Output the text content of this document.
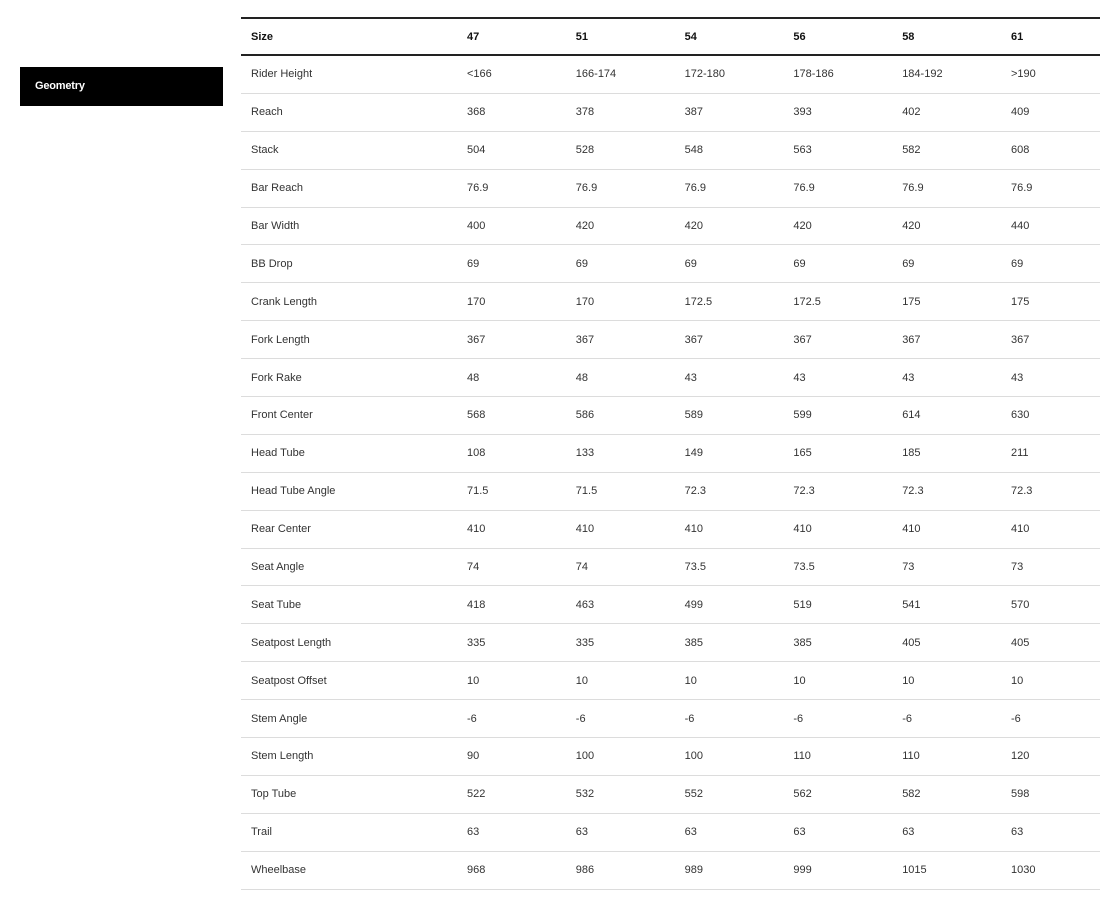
Geometry
Size	47	51	54	56	58	61
Rider Height	<166	166-174	172-180	178-186	184-192	>190
Reach	368	378	387	393	402	409
Stack	504	528	548	563	582	608
Bar Reach	76.9	76.9	76.9	76.9	76.9	76.9
Bar Width	400	420	420	420	420	440
BB Drop	69	69	69	69	69	69
Crank Length	170	170	172.5	172.5	175	175
Fork Length	367	367	367	367	367	367
Fork Rake	48	48	43	43	43	43
Front Center	568	586	589	599	614	630
Head Tube	108	133	149	165	185	211
Head Tube Angle	71.5	71.5	72.3	72.3	72.3	72.3
Rear Center	410	410	410	410	410	410
Seat Angle	74	74	73.5	73.5	73	73
Seat Tube	418	463	499	519	541	570
Seatpost Length	335	335	385	385	405	405
Seatpost Offset	10	10	10	10	10	10
Stem Angle	-6	-6	-6	-6	-6	-6
Stem Length	90	100	100	110	110	120
Top Tube	522	532	552	562	582	598
Trail	63	63	63	63	63	63
Wheelbase	968	986	989	999	1015	1030
